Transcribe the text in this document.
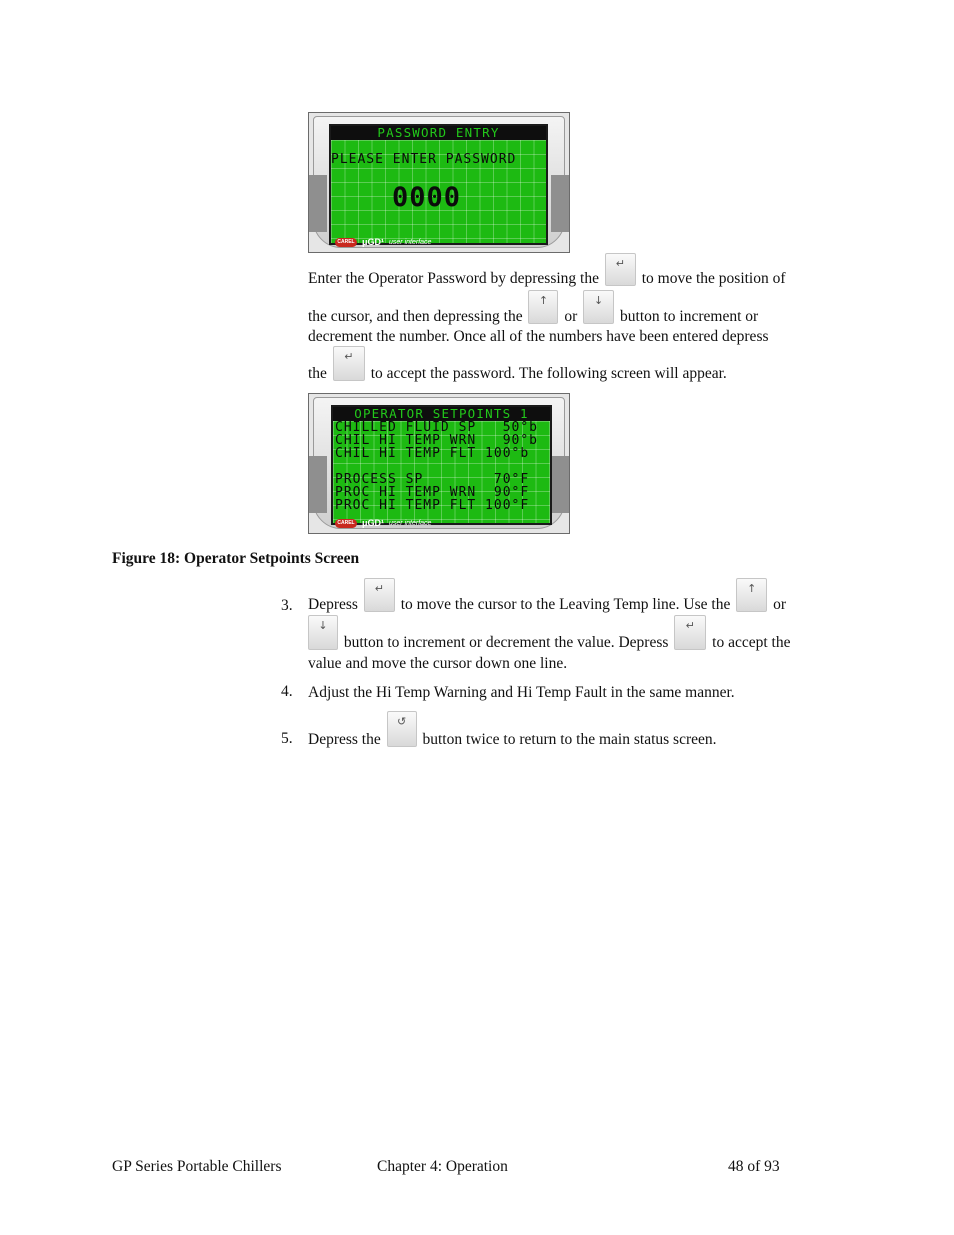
PASSWORD ENTRY
PLEASE ENTER PASSWORD
0000
CAREL μGD¹ user interface
Enter the Operator Password by depressing the
↵
to move the position of
the cursor, and then depressing the
↑
or
↓
button to increment or
decrement the number. Once all of the numbers have been entered depress
the
↵
to accept the password. The following screen will appear.
OPERATOR SETPOINTS 1
CHILLED FLUID SP   50°b
CHIL HI TEMP WRN   90°b
CHIL HI TEMP FLT 100°b
PROCESS SP        70°F
PROC HI TEMP WRN  90°F
PROC HI TEMP FLT 100°F
CAREL μGD¹ user interface
Figure 18: Operator Setpoints Screen
3. Depress
↵
to move the cursor to the Leaving Temp line. Use the
↑
or
↓
button to increment or decrement the value. Depress
↵
to accept the
value and move the cursor down one line.
4. Adjust the Hi Temp Warning and Hi Temp Fault in the same manner.
5. Depress the
↺
button twice to return to the main status screen.
GP Series Portable Chillers	Chapter 4: Operation	48 of 93
